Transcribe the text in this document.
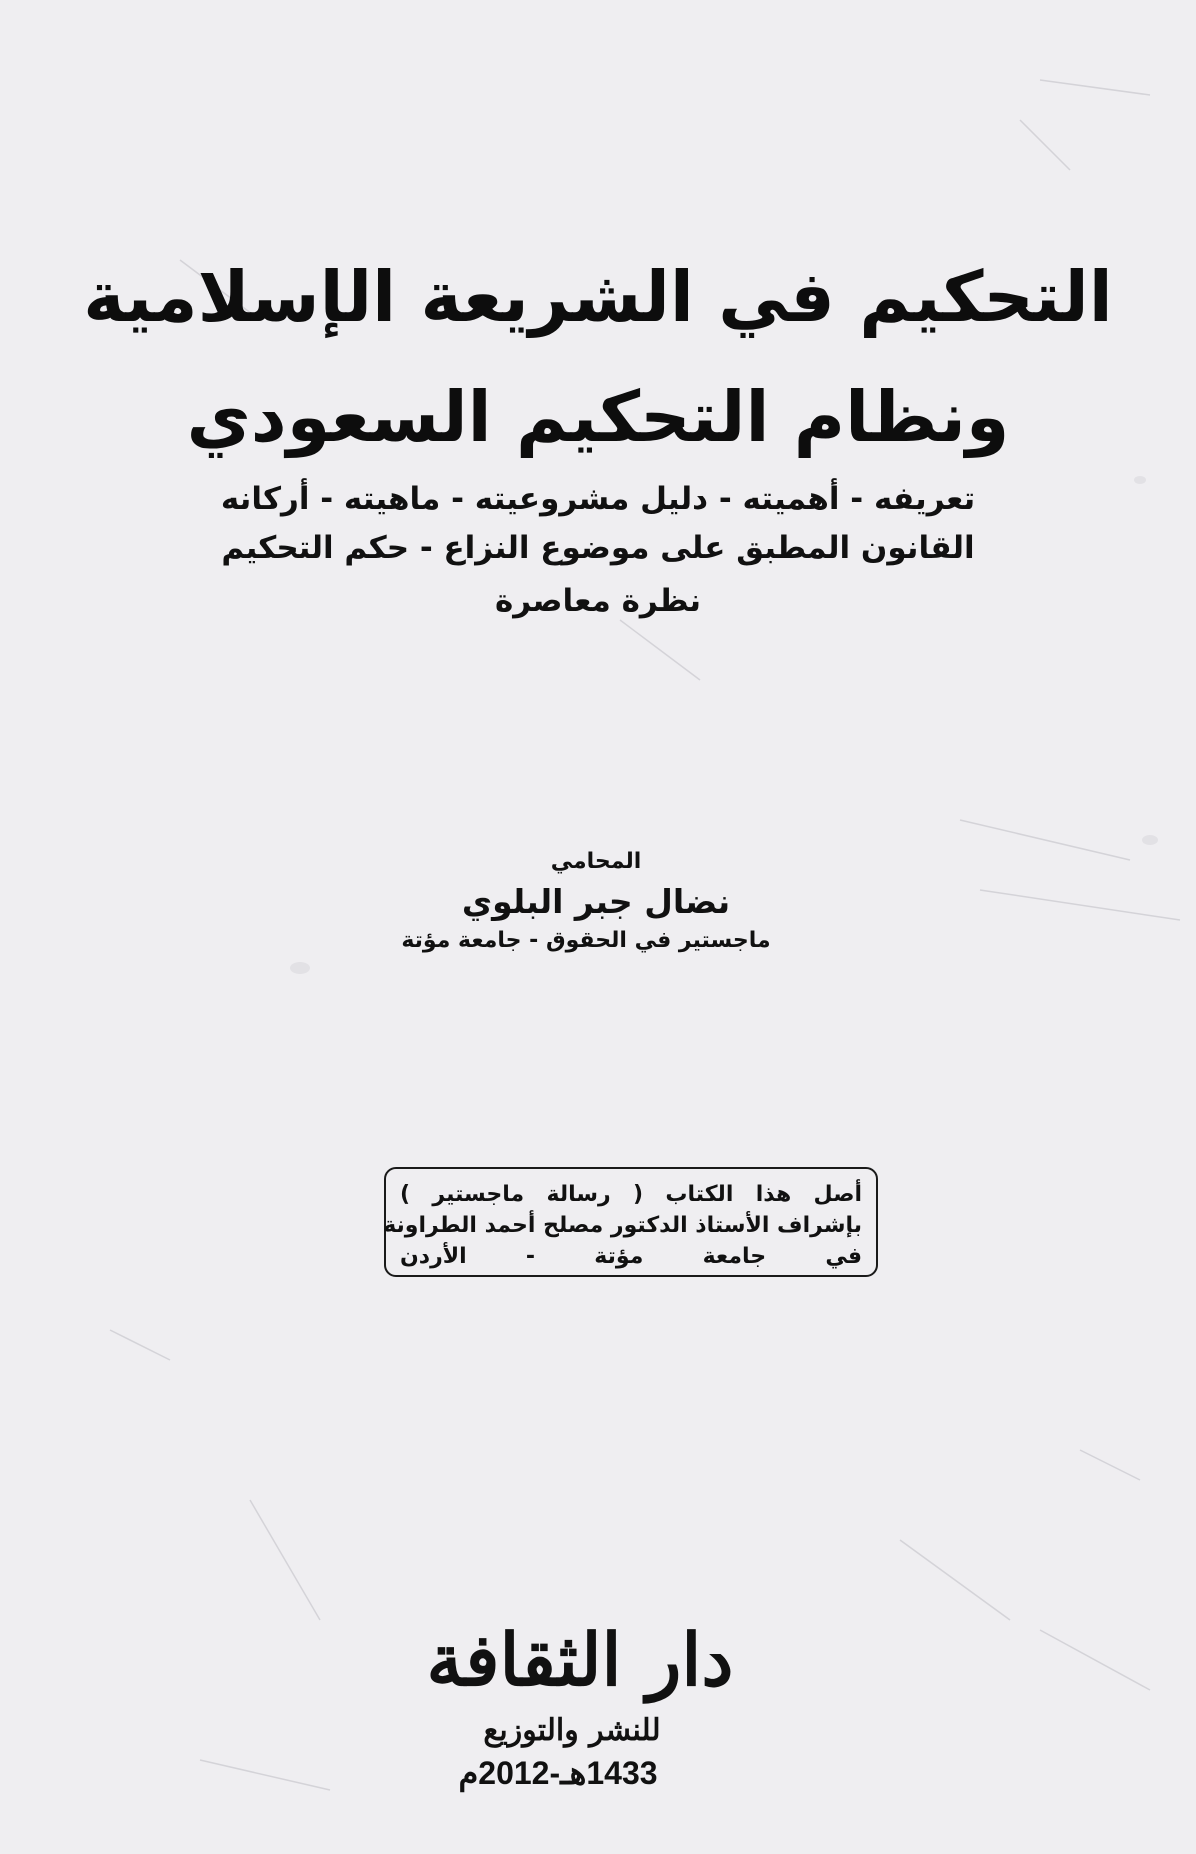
التحكيم في الشريعة الإسلامية
ونظام التحكيم السعودي
تعريفه - أهميته - دليل مشروعيته - ماهيته - أركانه
القانون المطبق على موضوع النزاع - حكم التحكيم
نظرة معاصرة
المحامي
نضال جبر البلوي
ماجستير في الحقوق - جامعة مؤتة
أصل هذا الكتاب ( رسالة ماجستير )
بإشراف الأستاذ الدكتور مصلح أحمد الطراونة
في جامعة مؤتة - الأردن
دار الثقافة
للنشر والتوزيع
1433هـ-2012م
